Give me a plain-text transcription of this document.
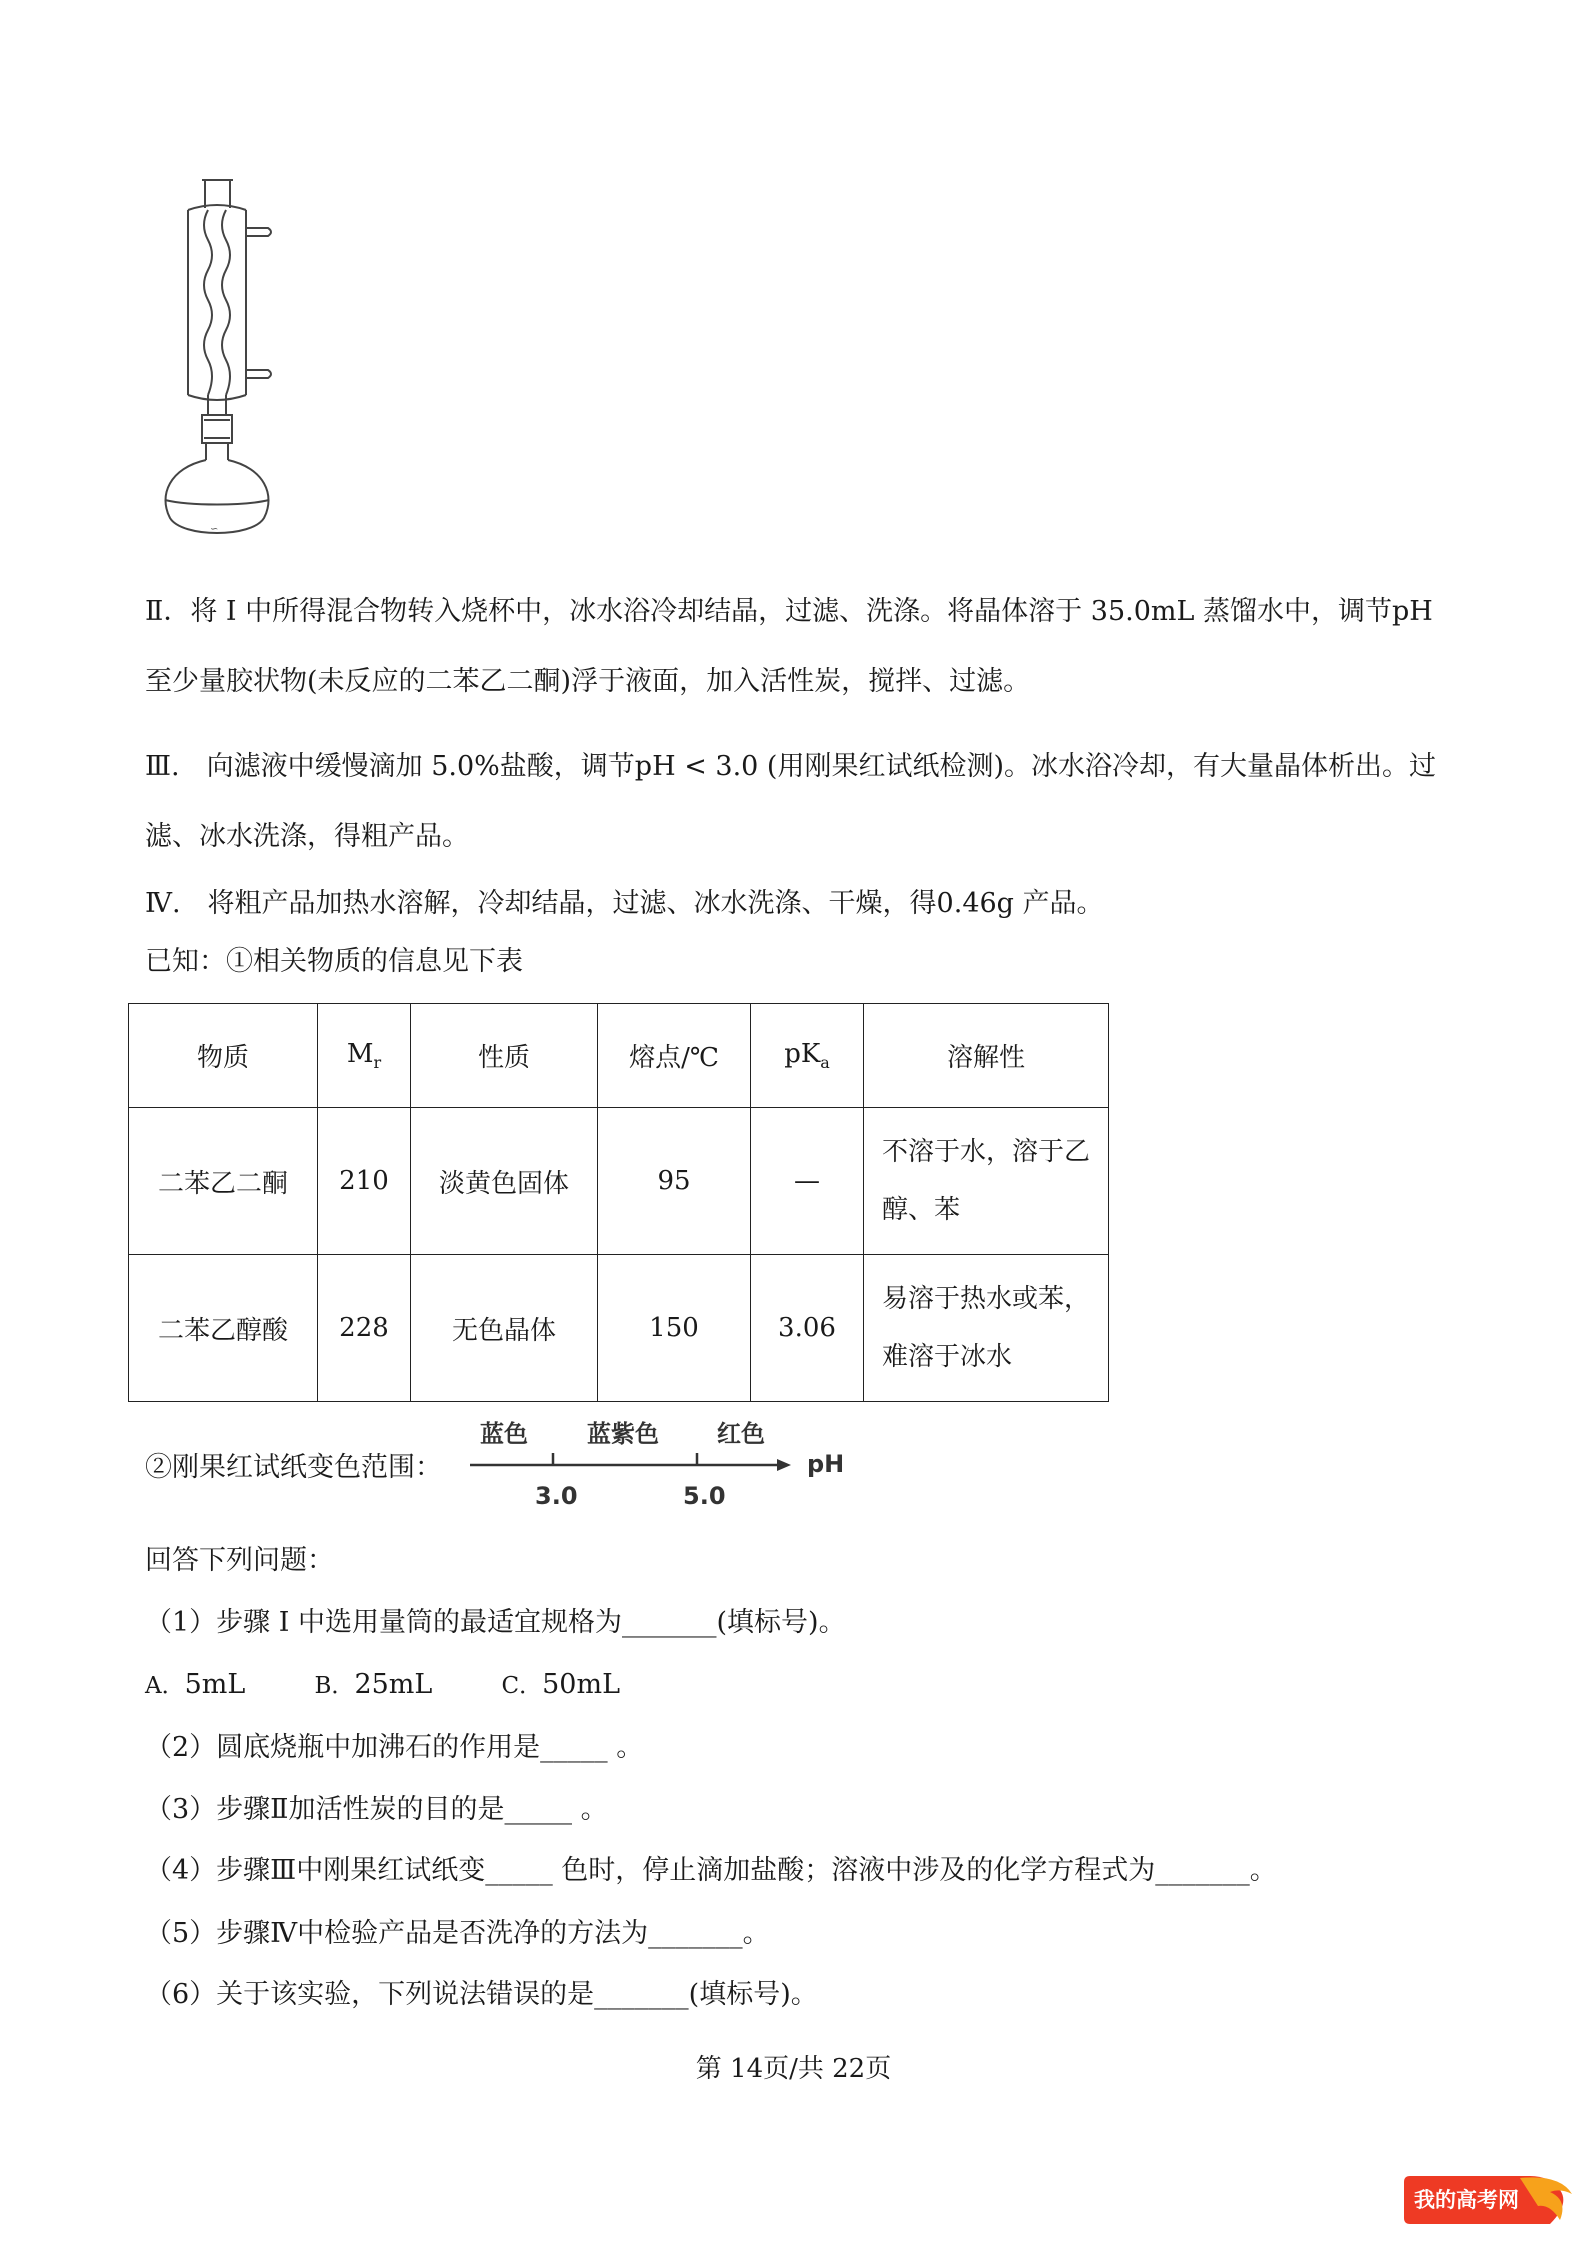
∽
Ⅱ．将 Ⅰ 中所得混合物转入烧杯中，冰水浴冷却结晶，过滤、洗涤。将晶体溶于 35.0mL 蒸馏水中，调节pH
至少量胶状物(未反应的二苯乙二酮)浮于液面，加入活性炭，搅拌、过滤。
Ⅲ.　向滤液中缓慢滴加 5.0%盐酸，调节pH < 3.0 (用刚果红试纸检测)。冰水浴冷却，有大量晶体析出。过
滤、冰水洗涤，得粗产品。
Ⅳ.　将粗产品加热水溶解，冷却结晶，过滤、冰水洗涤、干燥，得0.46g 产品。
已知：①相关物质的信息见下表
物质	$M_r$	性质	熔点/℃	$pK_a$	溶解性
二苯乙二酮	210	淡黄色固体	95	—	不溶于水，溶于乙
醇、苯

二苯乙醇酸	228	无色晶体	150	3.06	易溶于热水或苯，
难溶于冰水
②刚果红试纸变色范围：
蓝色 蓝紫色 红色
3.0	5.0
pH
回答下列问题：
（1）步骤 Ⅰ 中选用量筒的最适宜规格为_______(填标号)。
A．5mL	B．25mL	C．50mL
（2）圆底烧瓶中加沸石的作用是_____ 。
（3）步骤Ⅱ加活性炭的目的是_____ 。
（4）步骤Ⅲ中刚果红试纸变_____ 色时，停止滴加盐酸；溶液中涉及的化学方程式为_______。
（5）步骤Ⅳ中检验产品是否洗净的方法为_______。
（6）关于该实验，下列说法错误的是_______(填标号)。
第 14页/共 22页
我的高考网
